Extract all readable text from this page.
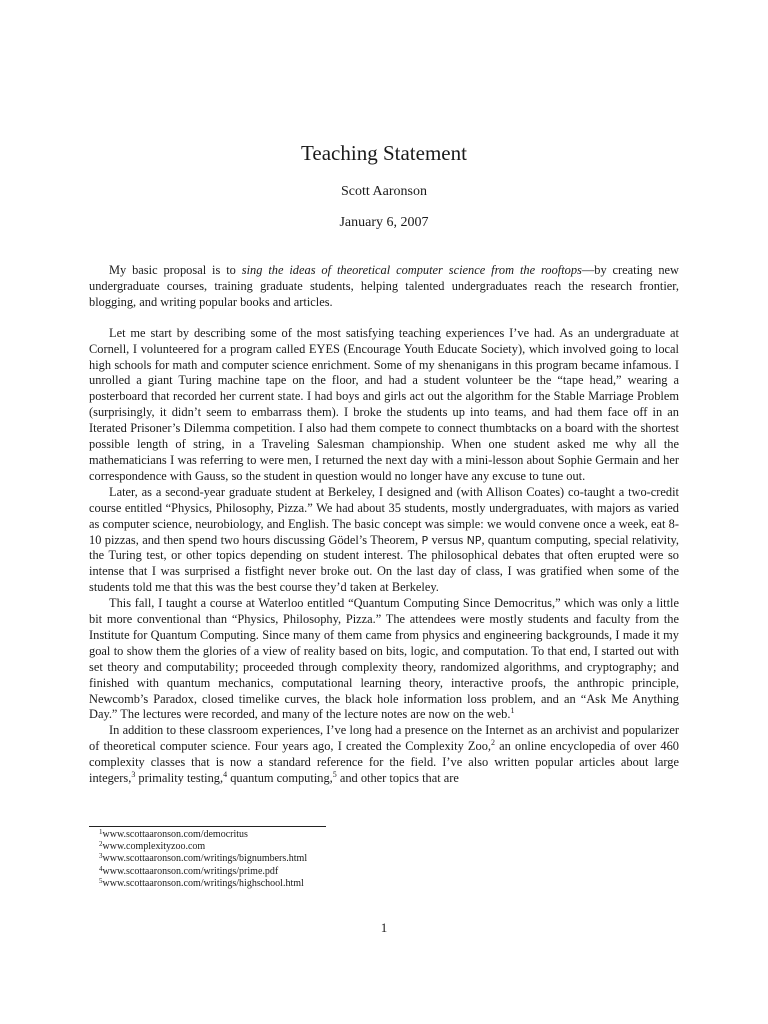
Teaching Statement
Scott Aaronson
January 6, 2007

My basic proposal is to sing the ideas of theoretical computer science from the rooftops—by creating new undergraduate courses, training graduate students, helping talented undergraduates reach the research frontier, blogging, and writing popular books and articles.

Let me start by describing some of the most satisfying teaching experiences I’ve had. As an undergraduate at Cornell, I volunteered for a program called EYES (Encourage Youth Educate Society), which involved going to local high schools for math and computer science enrichment. Some of my shenanigans in this program became infamous. I unrolled a giant Turing machine tape on the floor, and had a student volunteer be the “tape head,” wearing a posterboard that recorded her current state. I had boys and girls act out the algorithm for the Stable Marriage Problem (surprisingly, it didn’t seem to embarrass them). I broke the students up into teams, and had them face off in an Iterated Prisoner’s Dilemma competition. I also had them compete to connect thumbtacks on a board with the shortest possible length of string, in a Traveling Salesman championship. When one student asked me why all the mathematicians I was referring to were men, I returned the next day with a mini-lesson about Sophie Germain and her correspondence with Gauss, so the student in question would no longer have any excuse to tune out.

Later, as a second-year graduate student at Berkeley, I designed and (with Allison Coates) co-taught a two-credit course entitled “Physics, Philosophy, Pizza.” We had about 35 students, mostly undergraduates, with majors as varied as computer science, neurobiology, and English. The basic concept was simple: we would convene once a week, eat 8-10 pizzas, and then spend two hours discussing Gödel’s Theorem, P versus NP, quantum computing, special relativity, the Turing test, or other topics depending on student interest. The philosophical debates that often erupted were so intense that I was surprised a fistfight never broke out. On the last day of class, I was gratified when some of the students told me that this was the best course they’d taken at Berkeley.

This fall, I taught a course at Waterloo entitled “Quantum Computing Since Democritus,” which was only a little bit more conventional than “Physics, Philosophy, Pizza.” The attendees were mostly students and faculty from the Institute for Quantum Computing. Since many of them came from physics and engineering backgrounds, I made it my goal to show them the glories of a view of reality based on bits, logic, and computation. To that end, I started out with set theory and computability; proceeded through complexity theory, randomized algorithms, and cryptography; and finished with quantum mechanics, computational learning theory, interactive proofs, the anthropic principle, Newcomb’s Paradox, closed timelike curves, the black hole information loss problem, and an “Ask Me Anything Day.” The lectures were recorded, and many of the lecture notes are now on the web.$^1$

In addition to these classroom experiences, I’ve long had a presence on the Internet as an archivist and popularizer of theoretical computer science. Four years ago, I created the Complexity Zoo,$^2$ an online encyclopedia of over 460 complexity classes that is now a standard reference for the field. I’ve also written popular articles about large integers,$^3$ primality testing,$^4$ quantum computing,$^5$ and other topics that are

$^1$www.scottaaronson.com/democritus
$^2$www.complexityzoo.com
$^3$www.scottaaronson.com/writings/bignumbers.html
$^4$www.scottaaronson.com/writings/prime.pdf
$^5$www.scottaaronson.com/writings/highschool.html
1
